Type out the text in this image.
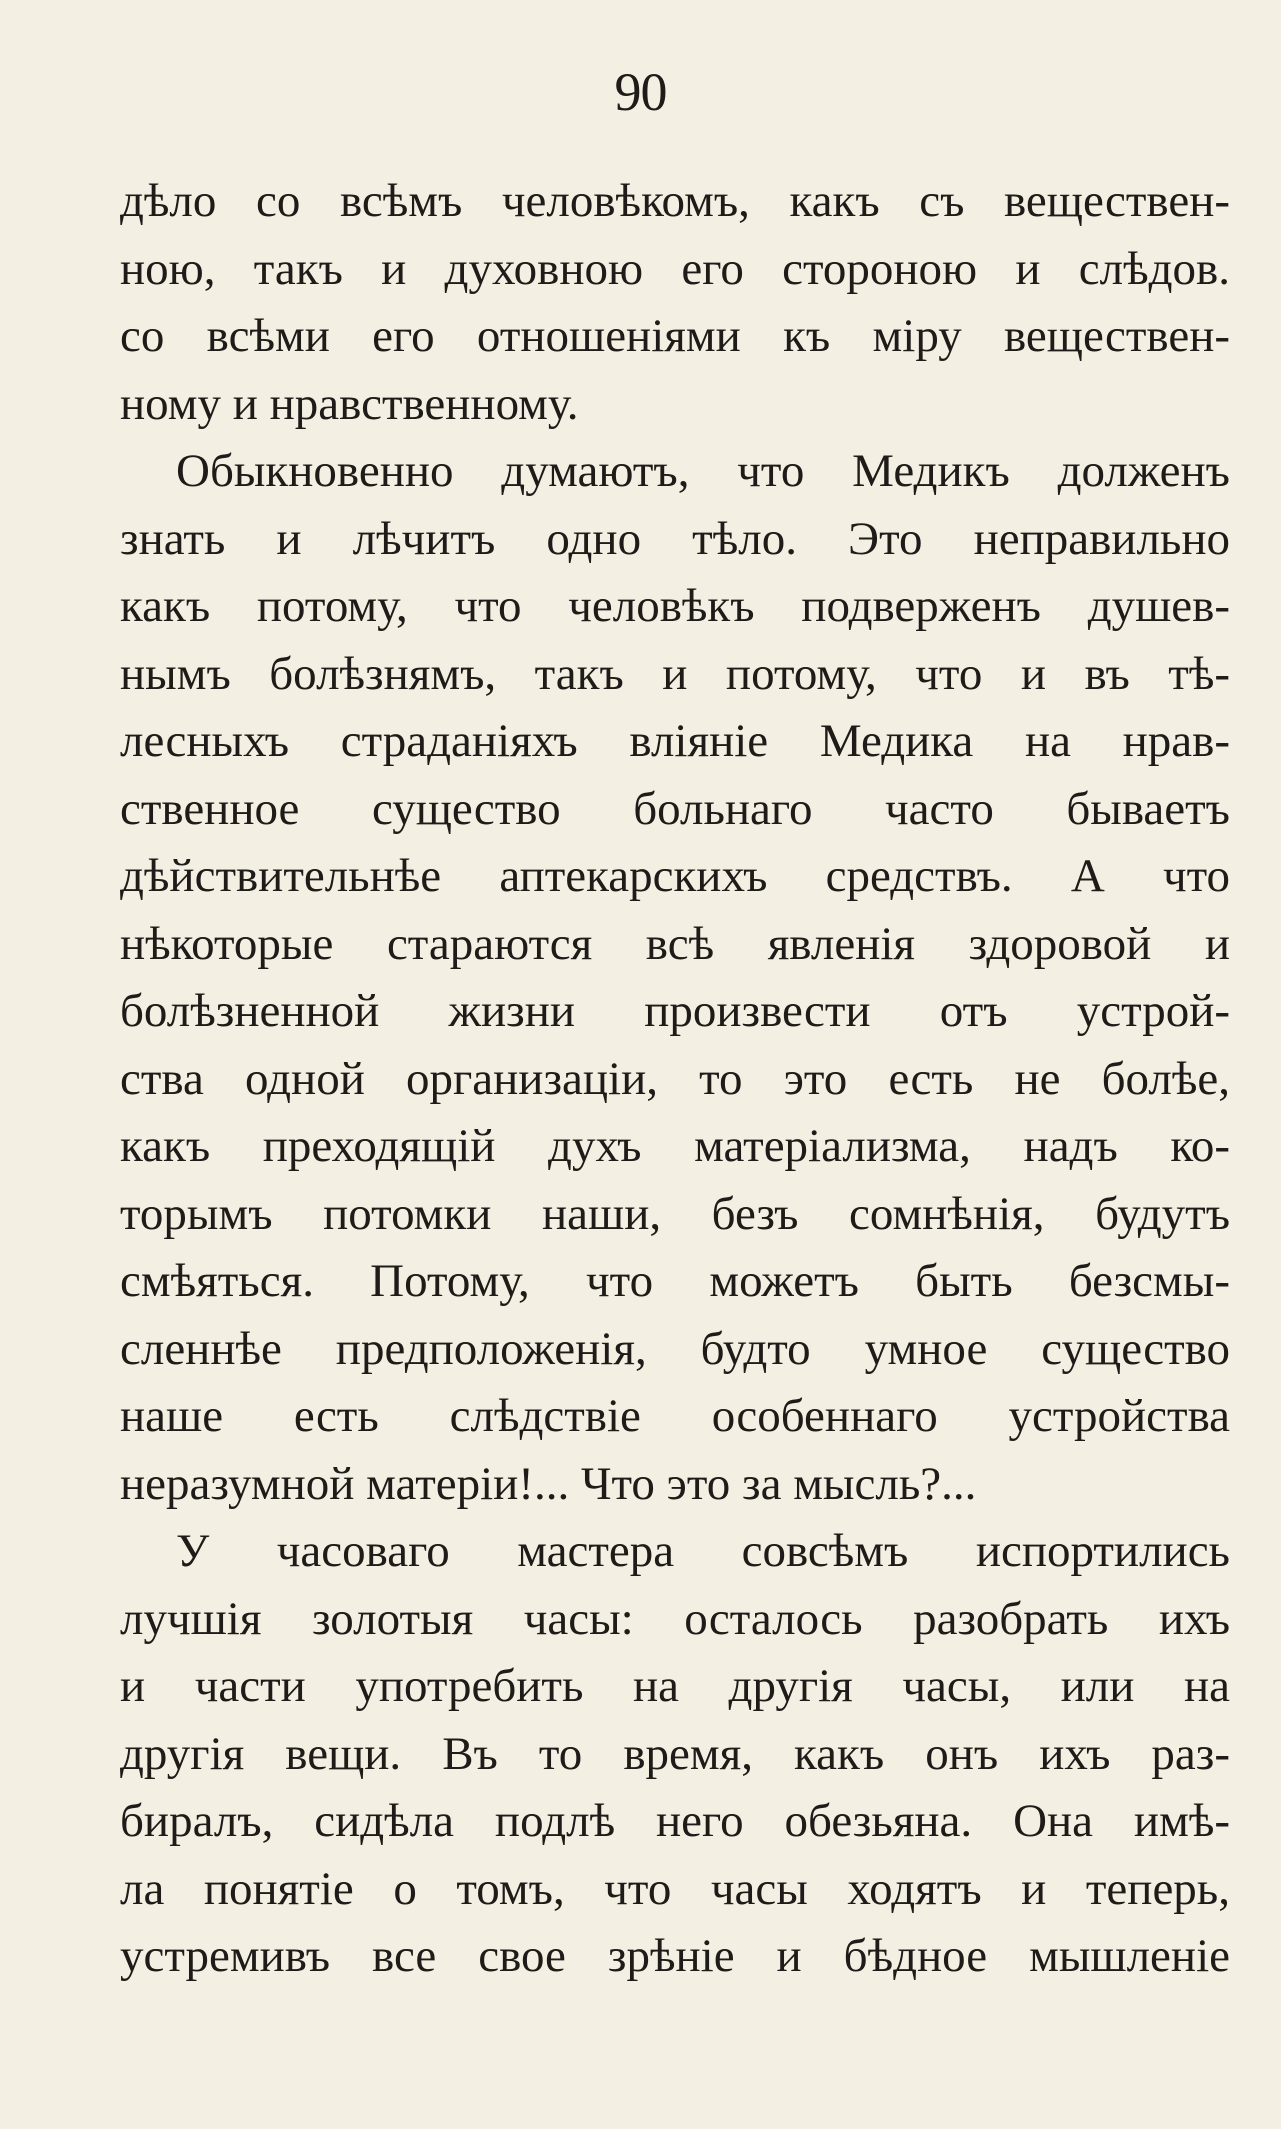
90
дѣло со всѣмъ человѣкомъ, какъ съ веществен-
ною, такъ и духовною его стороною и слѣдов.
со всѣми его отношеніями къ міру веществен-
ному и нравственному.
Обыкновенно думаютъ, что Медикъ долженъ
знать и лѣчитъ одно тѣло. Это неправильно
какъ потому, что человѣкъ подверженъ душев-
нымъ болѣзнямъ, такъ и потому, что и въ тѣ-
лесныхъ страданіяхъ вліяніе Медика на нрав-
ственное существо больнаго часто бываетъ
дѣйствительнѣе аптекарскихъ средствъ. А что
нѣкоторые стараются всѣ явленія здоровой и
болѣзненной жизни произвести отъ устрой-
ства одной организаціи, то это есть не болѣе,
какъ преходящій духъ матеріализма, надъ ко-
торымъ потомки наши, безъ сомнѣнія, будутъ
смѣяться. Потому, что можетъ быть безсмы-
сленнѣе предположенія, будто умное существо
наше есть слѣдствіе особеннаго устройства
неразумной матеріи!... Что это за мысль?...
У часоваго мастера совсѣмъ испортились
лучшія золотыя часы: осталось разобрать ихъ
и части употребить на другія часы, или на
другія вещи. Въ то время, какъ онъ ихъ раз-
биралъ, сидѣла подлѣ него обезьяна. Она имѣ-
ла понятіе о томъ, что часы ходятъ и теперь,
устремивъ все свое зрѣніе и бѣдное мышленіе
